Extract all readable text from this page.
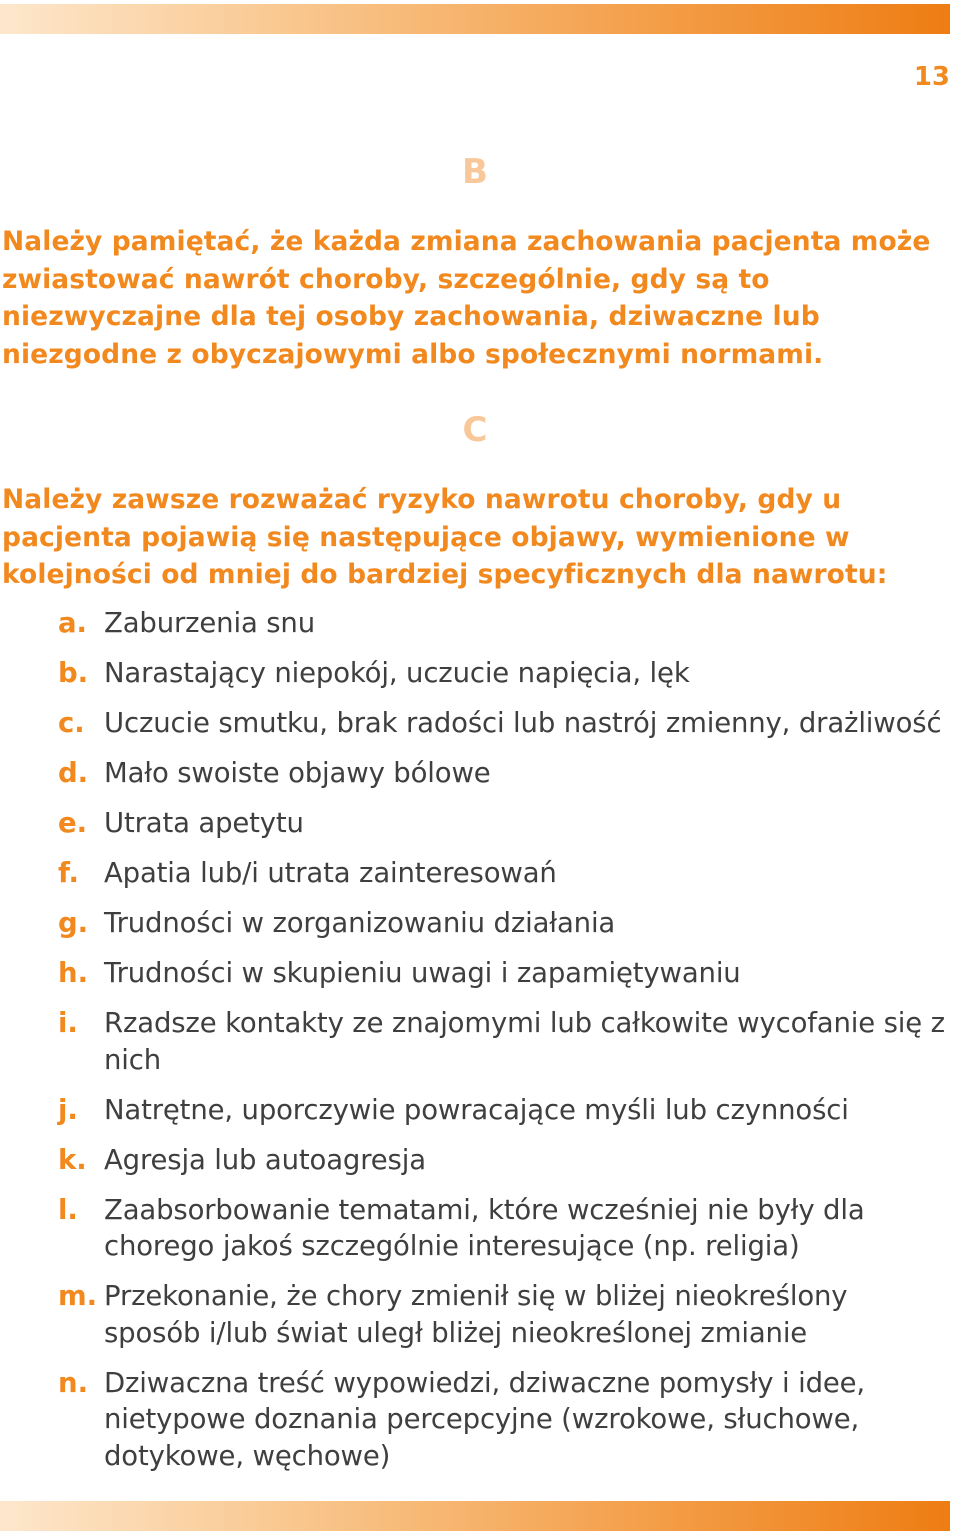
13
B

Należy pamiętać, że każda zmiana zachowania pacjenta może zwiastować nawrót choroby, szczególnie, gdy są to niezwyczajne dla tej osoby zachowania, dziwaczne lub niezgodne z obyczajowymi albo społecznymi normami.

C

Należy zawsze rozważać ryzyko nawrotu choroby, gdy u pacjenta pojawią się następujące objawy, wymienione w kolejności od mniej do bardziej specyficznych dla nawrotu:

a. Zaburzenia snu
b. Narastający niepokój, uczucie napięcia, lęk
c. Uczucie smutku, brak radości lub nastrój zmienny, drażliwość
d. Mało swoiste objawy bólowe
e. Utrata apetytu
f. Apatia lub/i utrata zainteresowań
g. Trudności w zorganizowaniu działania
h. Trudności w skupieniu uwagi i zapamiętywaniu
i. Rzadsze kontakty ze znajomymi lub całkowite wycofanie się z nich
j. Natrętne, uporczywie powracające myśli lub czynności
k. Agresja lub autoagresja
l. Zaabsorbowanie tematami, które wcześniej nie były dla chorego jakoś szczególnie interesujące (np. religia)
m. Przekonanie, że chory zmienił się w bliżej nieokreślony sposób i/lub świat uległ bliżej nieokreślonej zmianie
n. Dziwaczna treść wypowiedzi, dziwaczne pomysły i idee, nietypowe doznania percepcyjne (wzrokowe, słuchowe, dotykowe, węchowe)
